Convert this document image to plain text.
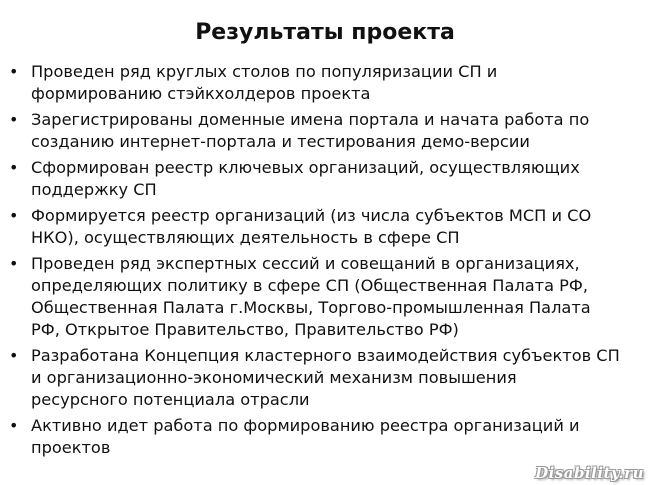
Результаты проекта
• Проведен ряд круглых столов по популяризации СП и
формированию стэйкхолдеров проекта
• Зарегистрированы доменные имена портала и начата работа по
созданию интернет-портала и тестирования демо-версии
• Сформирован реестр ключевых организаций, осуществляющих
поддержку СП
• Формируется реестр организаций (из числа субъектов МСП и СО
НКО), осуществляющих деятельность в сфере СП
• Проведен ряд экспертных сессий и совещаний в организациях,
определяющих политику в сфере СП (Общественная Палата РФ,
Общественная Палата г.Москвы, Торгово-промышленная Палата
РФ, Открытое Правительство, Правительство РФ)
• Разработана Концепция кластерного взаимодействия субъектов СП
и организационно-экономический механизм повышения
ресурсного потенциала отрасли
• Активно идет работа по формированию реестра организаций и
проектов
Disability.ru
